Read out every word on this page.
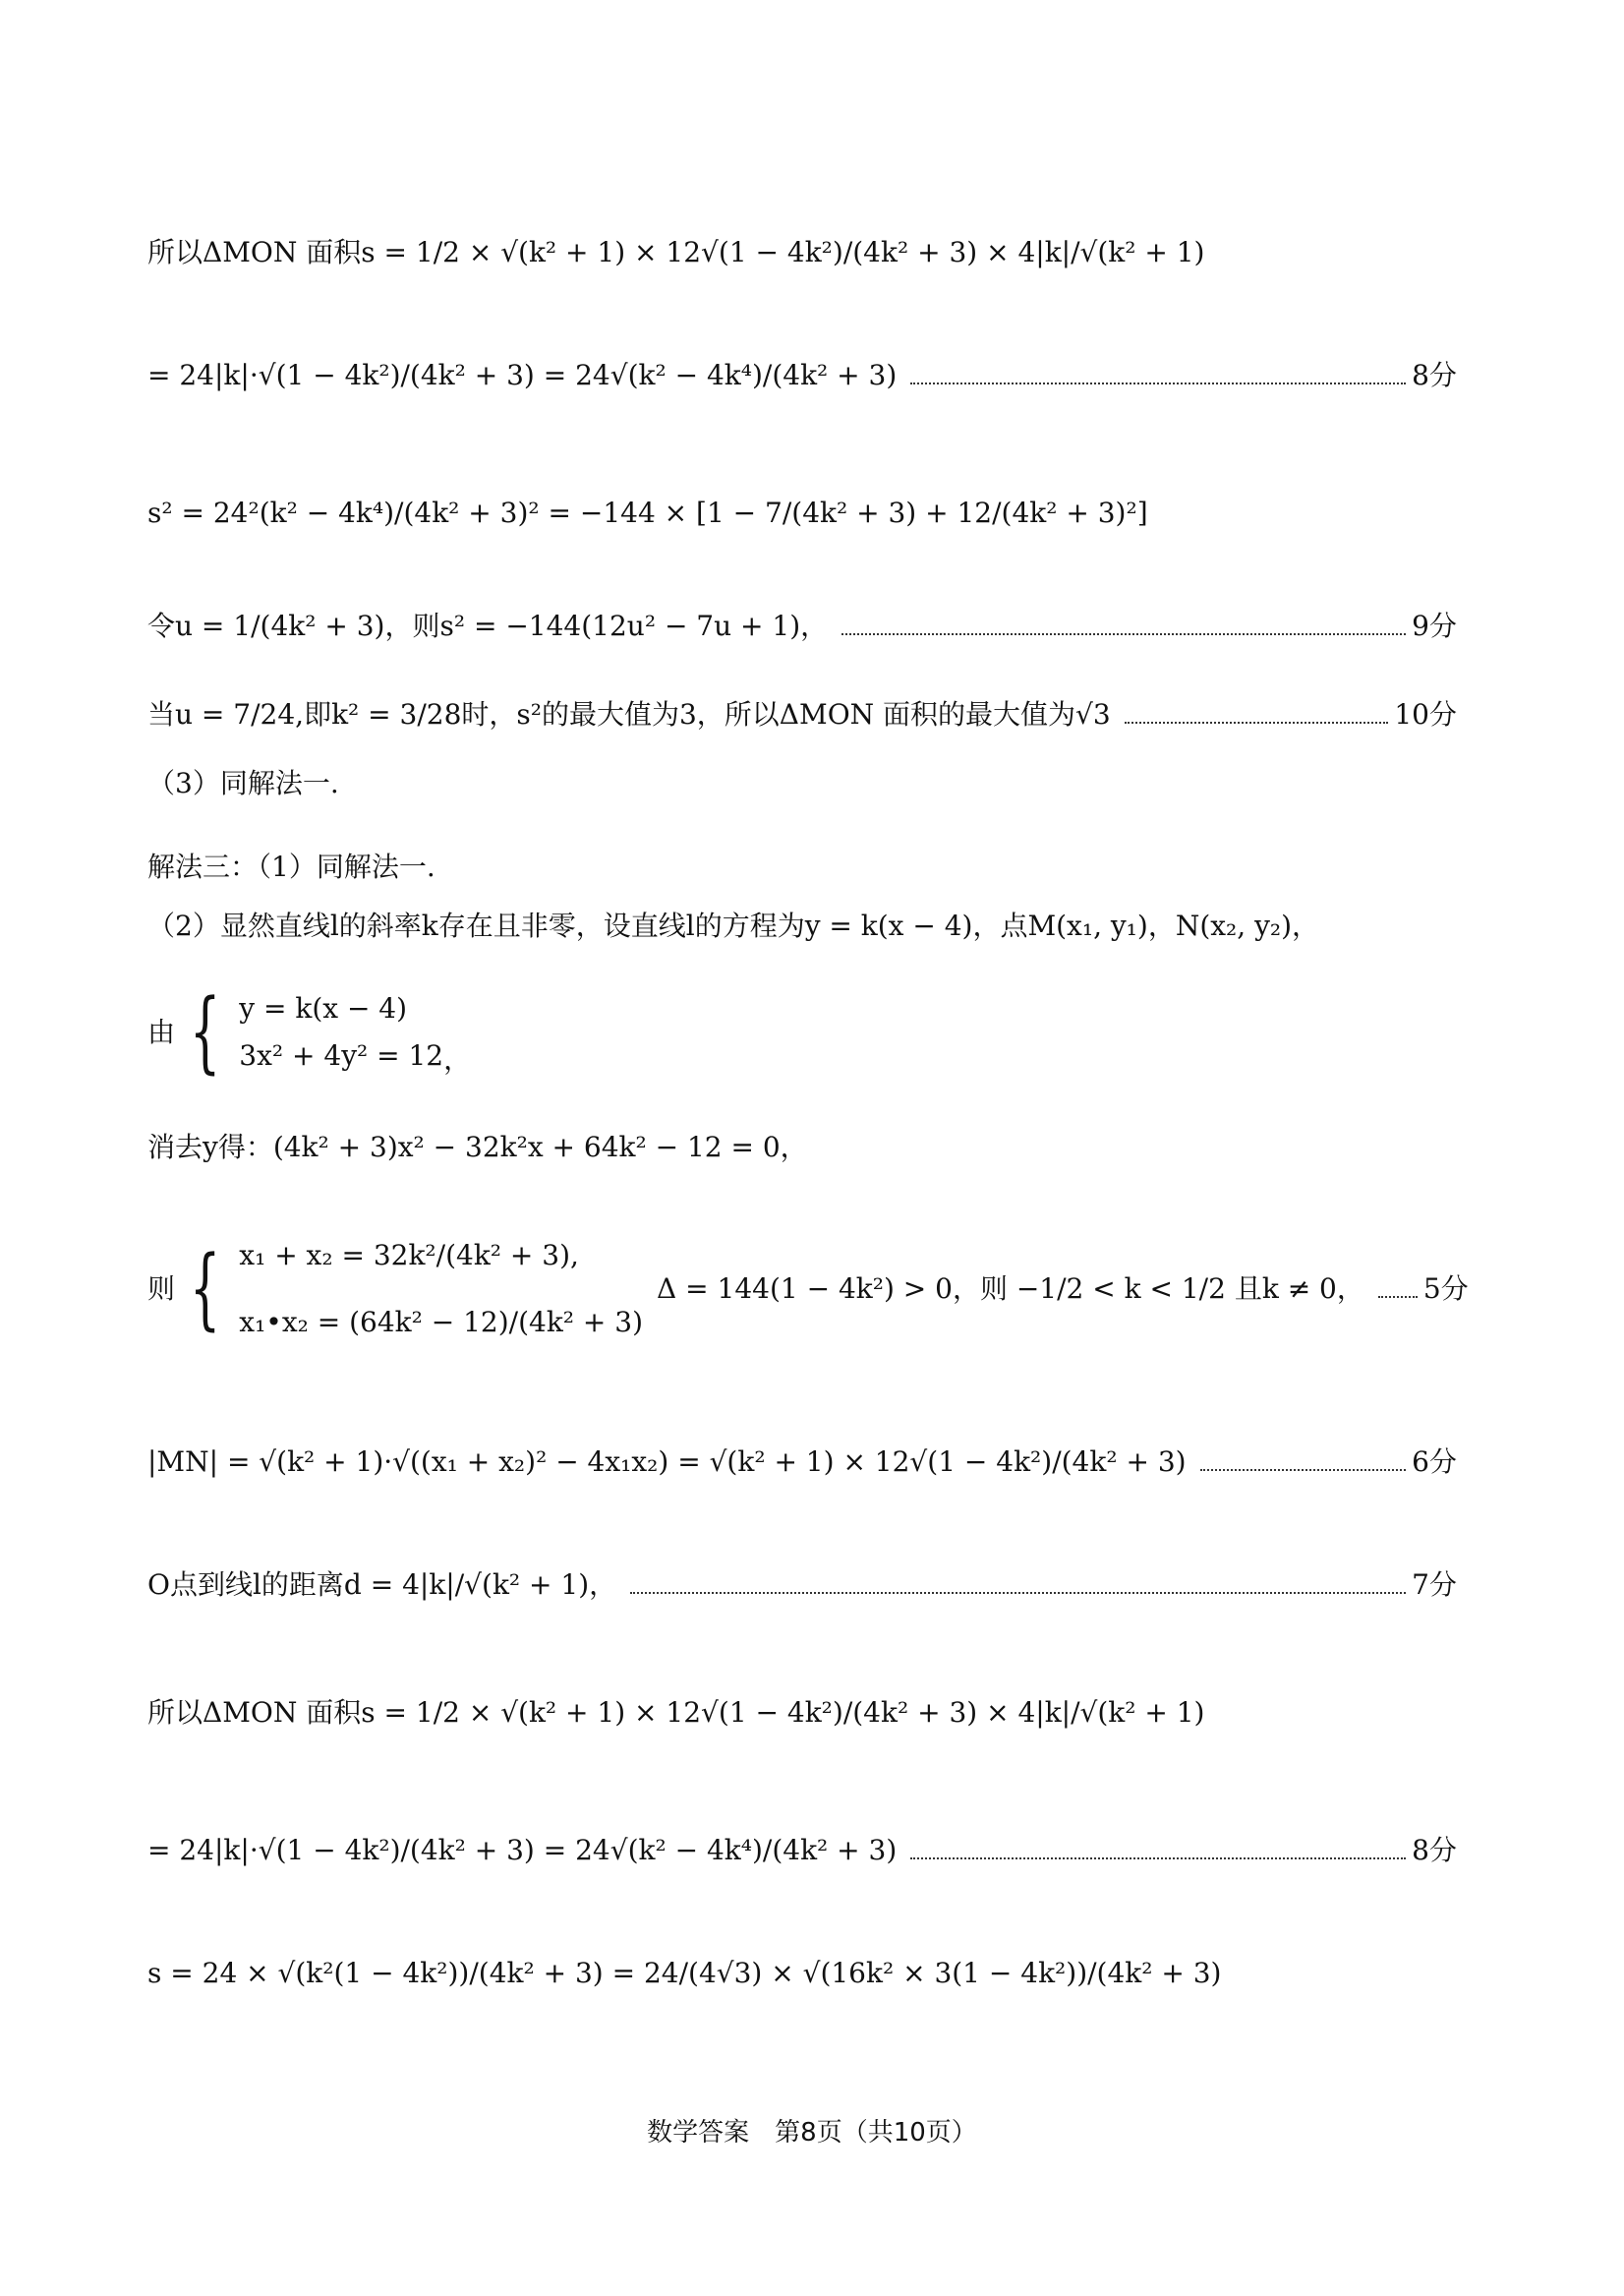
所以ΔMON 面积s = 1/2 × √(k² + 1) × 12√(1 − 4k²)/(4k² + 3) × 4|k|/√(k² + 1)
= 24|k|·√(1 − 4k²)/(4k² + 3) = 24√(k² − 4k⁴)/(4k² + 3)	8分
s² = 24²(k² − 4k⁴)/(4k² + 3)² = −144 × [1 − 7/(4k² + 3) + 12/(4k² + 3)²]
令u = 1/(4k² + 3)，则s² = −144(12u² − 7u + 1)，	9分
当u = 7/24,即k² = 3/28时，s²的最大值为3，所以ΔMON 面积的最大值为√3	10分
（3）同解法一.
解法三：（1）同解法一.
（2）显然直线l的斜率k存在且非零，设直线l的方程为y = k(x − 4)，点M(x₁, y₁)，N(x₂, y₂)，
由 { y = k(x − 4)
3x² + 4y² = 12 ，
消去y得：(4k² + 3)x² − 32k²x + 64k² − 12 = 0，
则 { x₁ + x₂ = 32k²/(4k² + 3),
x₁•x₂ = (64k² − 12)/(4k² + 3)
Δ = 144(1 − 4k²) > 0，则 −1/2 < k < 1/2 且k ≠ 0， 5分
|MN| = √(k² + 1)·√((x₁ + x₂)² − 4x₁x₂) = √(k² + 1) × 12√(1 − 4k²)/(4k² + 3)	6分
O点到线l的距离d = 4|k|/√(k² + 1)，	7分
所以ΔMON 面积s = 1/2 × √(k² + 1) × 12√(1 − 4k²)/(4k² + 3) × 4|k|/√(k² + 1)
= 24|k|·√(1 − 4k²)/(4k² + 3) = 24√(k² − 4k⁴)/(4k² + 3)	8分
s = 24 × √(k²(1 − 4k²))/(4k² + 3) = 24/(4√3) × √(16k² × 3(1 − 4k²))/(4k² + 3)
数学答案　第8页（共10页）
